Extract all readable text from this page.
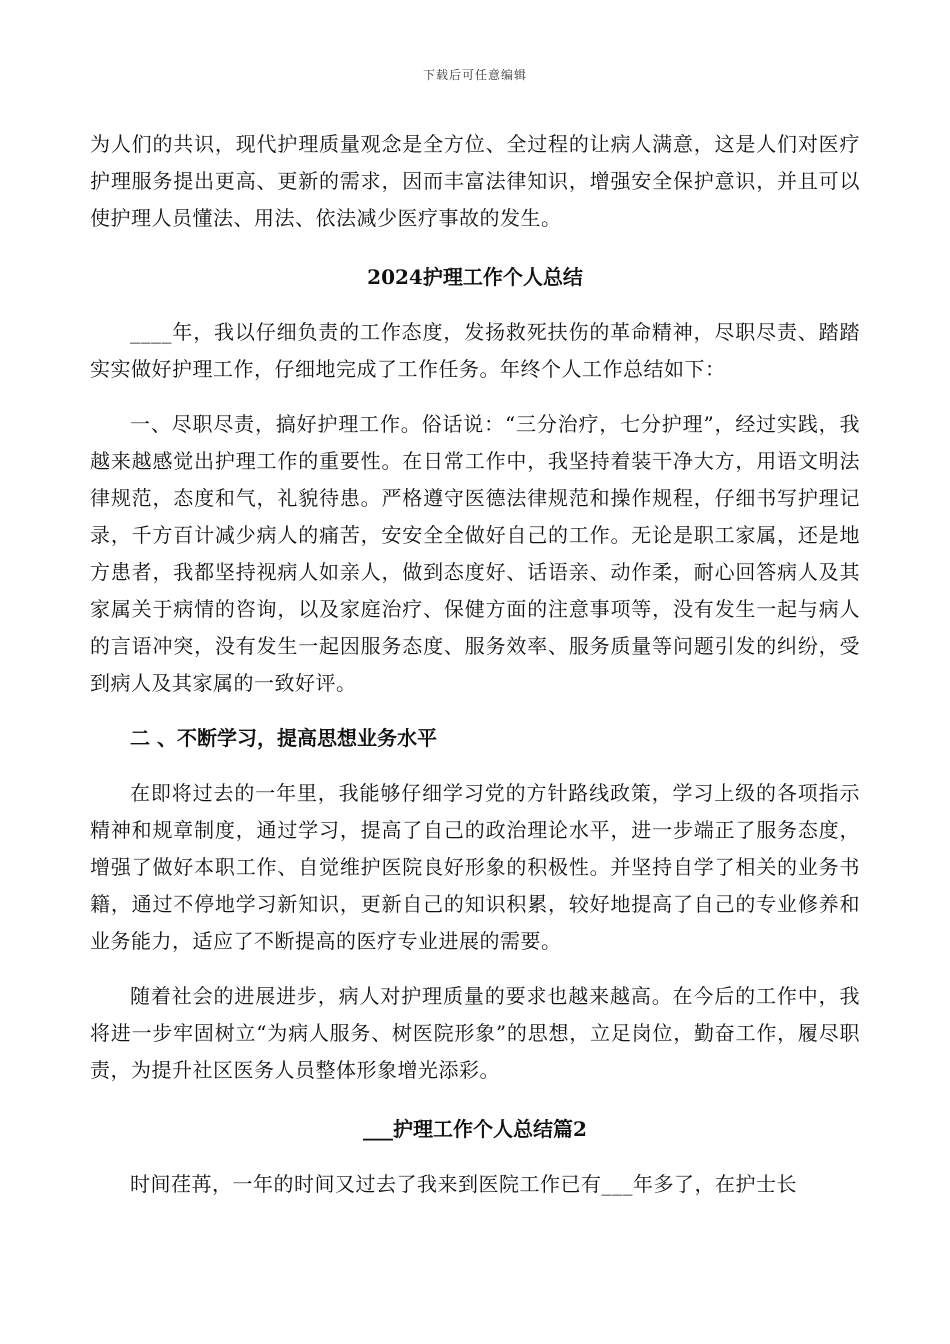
下载后可任意编辑

为人们的共识，现代护理质量观念是全方位、全过程的让病人满意，这是人们对医疗护理服务提出更高、更新的需求，因而丰富法律知识，增强安全保护意识，并且可以使护理人员懂法、用法、依法减少医疗事故的发生。

2024护理工作个人总结

____年，我以仔细负责的工作态度，发扬救死扶伤的革命精神，尽职尽责、踏踏实实做好护理工作，仔细地完成了工作任务。年终个人工作总结如下：

一、尽职尽责，搞好护理工作。俗话说：“三分治疗，七分护理”，经过实践，我越来越感觉出护理工作的重要性。在日常工作中，我坚持着装干净大方，用语文明法律规范，态度和气，礼貌待患。严格遵守医德法律规范和操作规程，仔细书写护理记录，千方百计减少病人的痛苦，安安全全做好自己的工作。无论是职工家属，还是地方患者，我都坚持视病人如亲人，做到态度好、话语亲、动作柔，耐心回答病人及其家属关于病情的咨询，以及家庭治疗、保健方面的注意事项等，没有发生一起与病人的言语冲突，没有发生一起因服务态度、服务效率、服务质量等问题引发的纠纷，受到病人及其家属的一致好评。

二 、不断学习，提高思想业务水平

在即将过去的一年里，我能够仔细学习党的方针路线政策，学习上级的各项指示精神和规章制度，通过学习，提高了自己的政治理论水平，进一步端正了服务态度，增强了做好本职工作、自觉维护医院良好形象的积极性。并坚持自学了相关的业务书籍，通过不停地学习新知识，更新自己的知识积累，较好地提高了自己的专业修养和业务能力，适应了不断提高的医疗专业进展的需要。

随着社会的进展进步，病人对护理质量的要求也越来越高。在今后的工作中，我将进一步牢固树立“为病人服务、树医院形象”的思想，立足岗位，勤奋工作，履尽职责，为提升社区医务人员整体形象增光添彩。

___护理工作个人总结篇2

时间荏苒，一年的时间又过去了我来到医院工作已有___年多了，在护士长
